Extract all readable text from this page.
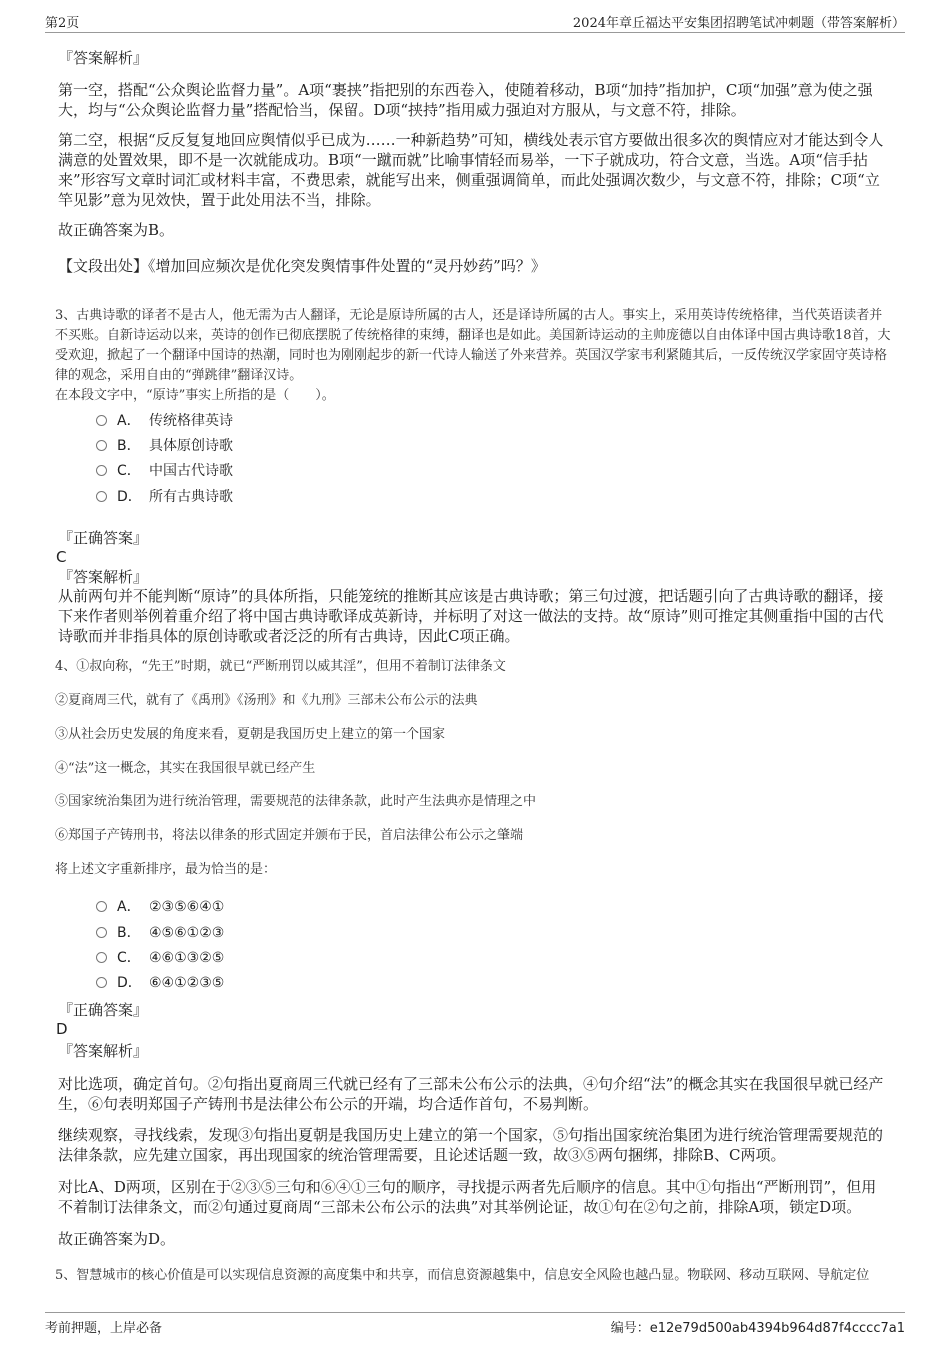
第2页	2024年章丘福达平安集团招聘笔试冲刺题（带答案解析）
『答案解析』
第一空，搭配“公众舆论监督力量”。A项“裹挟”指把别的东西卷入，使随着移动，B项“加持”指加护，C项“加强”意为使之强大，均与“公众舆论监督力量”搭配恰当，保留。D项“挟持”指用威力强迫对方服从，与文意不符，排除。
第二空，根据“反反复复地回应舆情似乎已成为……一种新趋势”可知，横线处表示官方要做出很多次的舆情应对才能达到令人满意的处置效果，即不是一次就能成功。B项“一蹴而就”比喻事情轻而易举，一下子就成功，符合文意，当选。A项“信手拈来”形容写文章时词汇或材料丰富，不费思索，就能写出来，侧重强调简单，而此处强调次数少，与文意不符，排除；C项“立竿见影”意为见效快，置于此处用法不当，排除。
故正确答案为B。
【文段出处】《增加回应频次是优化突发舆情事件处置的“灵丹妙药”吗？》
3、古典诗歌的译者不是古人，他无需为古人翻译，无论是原诗所属的古人，还是译诗所属的古人。事实上，采用英诗传统格律，当代英语读者并不买账。自新诗运动以来，英诗的创作已彻底摆脱了传统格律的束缚，翻译也是如此。美国新诗运动的主帅庞德以自由体译中国古典诗歌18首，大受欢迎，掀起了一个翻译中国诗的热潮，同时也为刚刚起步的新一代诗人输送了外来营养。英国汉学家韦利紧随其后，一反传统汉学家固守英诗格律的观念，采用自由的“弹跳律”翻译汉诗。
在本段文字中，“原诗”事实上所指的是（　　）。
A． 传统格律英诗
B． 具体原创诗歌
C． 中国古代诗歌
D． 所有古典诗歌
『正确答案』
C
『答案解析』
从前两句并不能判断“原诗”的具体所指，只能笼统的推断其应该是古典诗歌；第三句过渡，把话题引向了古典诗歌的翻译，接下来作者则举例着重介绍了将中国古典诗歌译成英新诗，并标明了对这一做法的支持。故“原诗”则可推定其侧重指中国的古代诗歌而并非指具体的原创诗歌或者泛泛的所有古典诗，因此C项正确。
4、①叔向称，“先王”时期，就已“严断刑罚以威其淫”，但用不着制订法律条文
②夏商周三代，就有了《禹刑》《汤刑》和《九刑》三部未公布公示的法典
③从社会历史发展的角度来看，夏朝是我国历史上建立的第一个国家
④“法”这一概念，其实在我国很早就已经产生
⑤国家统治集团为进行统治管理，需要规范的法律条款，此时产生法典亦是情理之中
⑥郑国子产铸刑书，将法以律条的形式固定并颁布于民，首启法律公布公示之肇端
将上述文字重新排序，最为恰当的是：
A． ②③⑤⑥④①
B． ④⑤⑥①②③
C． ④⑥①③②⑤
D． ⑥④①②③⑤
『正确答案』
D
『答案解析』
对比选项，确定首句。②句指出夏商周三代就已经有了三部未公布公示的法典，④句介绍“法”的概念其实在我国很早就已经产生，⑥句表明郑国子产铸刑书是法律公布公示的开端，均合适作首句，不易判断。
继续观察，寻找线索，发现③句指出夏朝是我国历史上建立的第一个国家，⑤句指出国家统治集团为进行统治管理需要规范的法律条款，应先建立国家，再出现国家的统治管理需要，且论述话题一致，故③⑤两句捆绑，排除B、C两项。
对比A、D两项，区别在于②③⑤三句和⑥④①三句的顺序，寻找提示两者先后顺序的信息。其中①句指出“严断刑罚”，但用不着制订法律条文，而②句通过夏商周“三部未公布公示的法典”对其举例论证，故①句在②句之前，排除A项，锁定D项。
故正确答案为D。
5、智慧城市的核心价值是可以实现信息资源的高度集中和共享，而信息资源越集中，信息安全风险也越凸显。物联网、移动互联网、导航定位
考前押题，上岸必备	编号：e12e79d500ab4394b964d87f4cccc7a1
